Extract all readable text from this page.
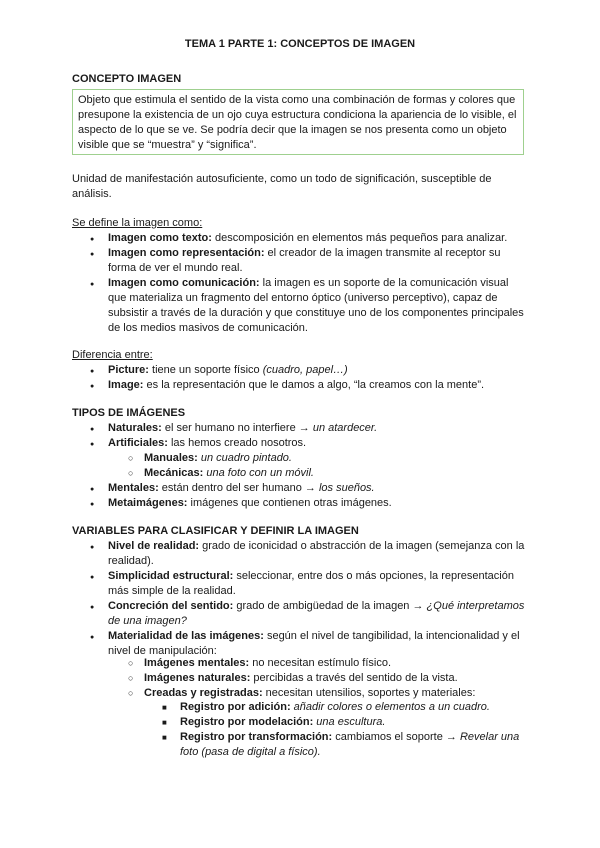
TEMA 1 PARTE 1: CONCEPTOS DE IMAGEN
CONCEPTO IMAGEN
Objeto que estimula el sentido de la vista como una combinación de formas y colores que
presupone la existencia de un ojo cuya estructura condiciona la apariencia de lo visible, el
aspecto de lo que se ve. Se podría decir que la imagen se nos presenta como un objeto
visible que se “muestra” y “significa”.
Unidad de manifestación autosuficiente, como un todo de significación, susceptible de
análisis.
Se define la imagen como:
● Imagen como texto: descomposición en elementos más pequeños para analizar.
● Imagen como representación: el creador de la imagen transmite al receptor su forma de ver el mundo real.
● Imagen como comunicación: la imagen es un soporte de la comunicación visual que materializa un fragmento del entorno óptico (universo perceptivo), capaz de subsistir a través de la duración y que constituye uno de los componentes principales de los medios masivos de comunicación.
Diferencia entre:
● Picture: tiene un soporte físico (cuadro, papel…)
● Image: es la representación que le damos a algo, “la creamos con la mente”.
TIPOS DE IMÁGENES
● Naturales: el ser humano no interfiere → un atardecer.
● Artificiales: las hemos creado nosotros.
○ Manuales: un cuadro pintado.
○ Mecánicas: una foto con un móvil.
● Mentales: están dentro del ser humano → los sueños.
● Metaimágenes: imágenes que contienen otras imágenes.
VARIABLES PARA CLASIFICAR Y DEFINIR LA IMAGEN
● Nivel de realidad: grado de iconicidad o abstracción de la imagen (semejanza con la realidad).
● Simplicidad estructural: seleccionar, entre dos o más opciones, la representación más simple de la realidad.
● Concreción del sentido: grado de ambigüedad de la imagen → ¿Qué interpretamos de una imagen?
● Materialidad de las imágenes: según el nivel de tangibilidad, la intencionalidad y el nivel de manipulación:
○ Imágenes mentales: no necesitan estímulo físico.
○ Imágenes naturales: percibidas a través del sentido de la vista.
○ Creadas y registradas: necesitan utensilios, soportes y materiales:
■ Registro por adición: añadir colores o elementos a un cuadro.
■ Registro por modelación: una escultura.
■ Registro por transformación: cambiamos el soporte → Revelar una foto (pasa de digital a físico).
